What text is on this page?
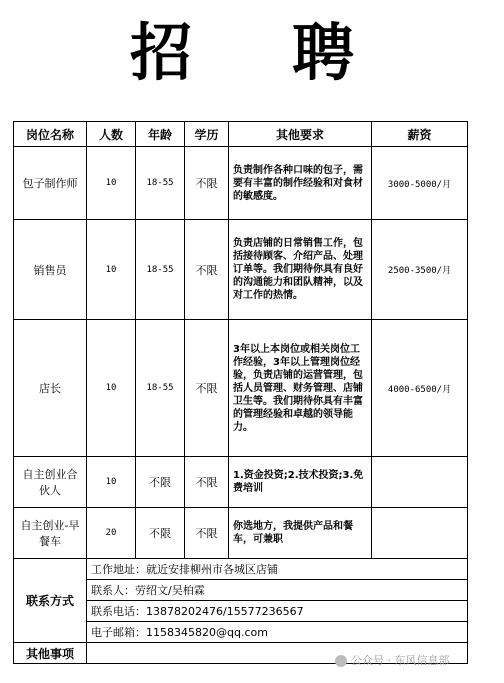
招 聘
岗位名称	人数	年龄	学历	其他要求	薪资
包子制作师	10	18-55	不限	负责制作各种口味的包子，需要有丰富的制作经验和对食材的敏感度。	3000-5000/月
销售员	10	18-55	不限	负责店铺的日常销售工作，包括接待顾客、介绍产品、处理订单等。我们期待你具有良好的沟通能力和团队精神，以及对工作的热情。	2500-3500/月
店长	10	18-55	不限	3年以上本岗位或相关岗位工作经验，3年以上管理岗位经验，负责店铺的运营管理，包括人员管理、财务管理、店铺卫生等。我们期待你具有丰富的管理经验和卓越的领导能力。	4000-6500/月
自主创业合伙人	10	不限	不限	1.资金投资;2.技术投资;3.免费培训	
自主创业-早餐车	20	不限	不限	你选地方，我提供产品和餐车，可兼职	
联系方式	工作地址：就近安排柳州市各城区店铺				
	联系人：劳绍文/吴柏霖				
	联系电话：13878202476/15577236567				
	电子邮箱：1158345820@qq.com				
其他事项						公众号 · 东风信息部
